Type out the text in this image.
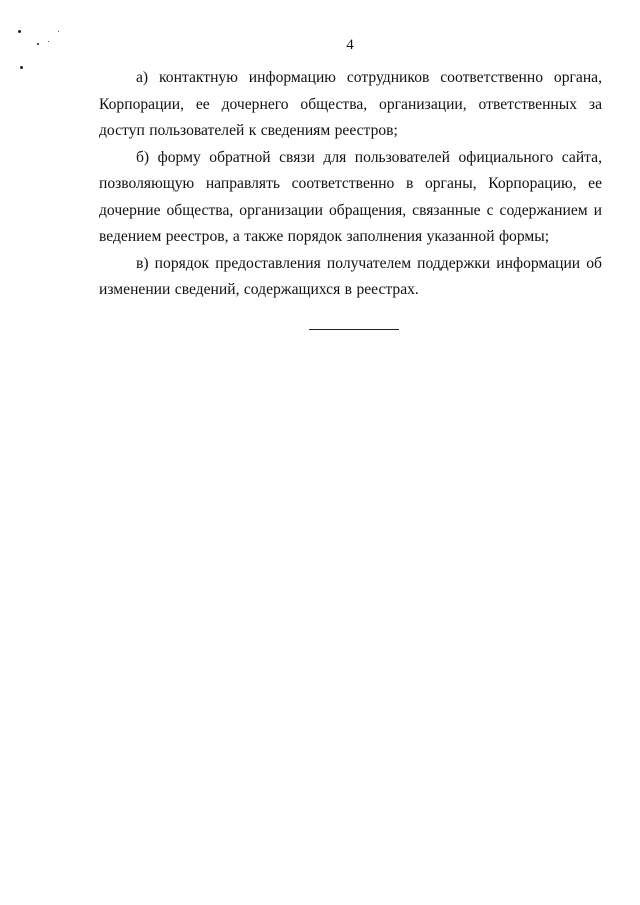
4

а) контактную информацию сотрудников соответственно органа, Корпорации, ее дочернего общества, организации, ответственных за доступ пользователей к сведениям реестров;

б) форму обратной связи для пользователей официального сайта, позволяющую направлять соответственно в органы, Корпорацию, ее дочерние общества, организации обращения, связанные с содержанием и ведением реестров, а также порядок заполнения указанной формы;

в) порядок предоставления получателем поддержки информации об изменении сведений, содержащихся в реестрах.
